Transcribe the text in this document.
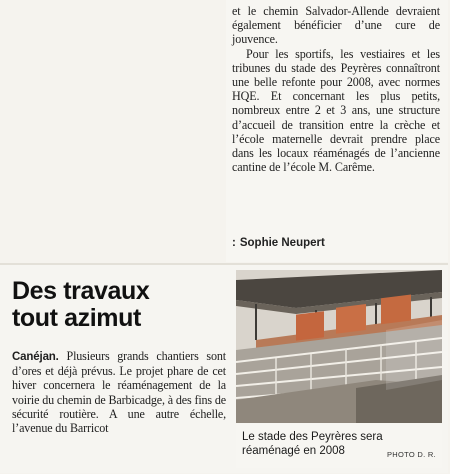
et le chemin Salvador-Allende devraient également bénéficier d’une cure de jouvence.

Pour les sportifs, les vestiaires et les tribunes du stade des Peyrères connaîtront une belle refonte pour 2008, avec normes HQE. Et concernant les plus petits, nombreux entre 2 et 3 ans, une structure d’accueil de transition entre la crèche et l’école maternelle devrait prendre place dans les locaux réaménagés de l’ancienne cantine de l’école M. Carême.

: Sophie Neupert
Des travaux
tout azimut
Canéjan. Plusieurs grands chantiers sont d’ores et déjà prévus. Le projet phare de cet hiver concernera le réaménagement de la voirie du chemin de Barbicadge, à des fins de sécurité routière. A une autre échelle, l’avenue du Barricot
Le stade des Peyrères sera réaménagé en 2008	PHOTO D. R.
